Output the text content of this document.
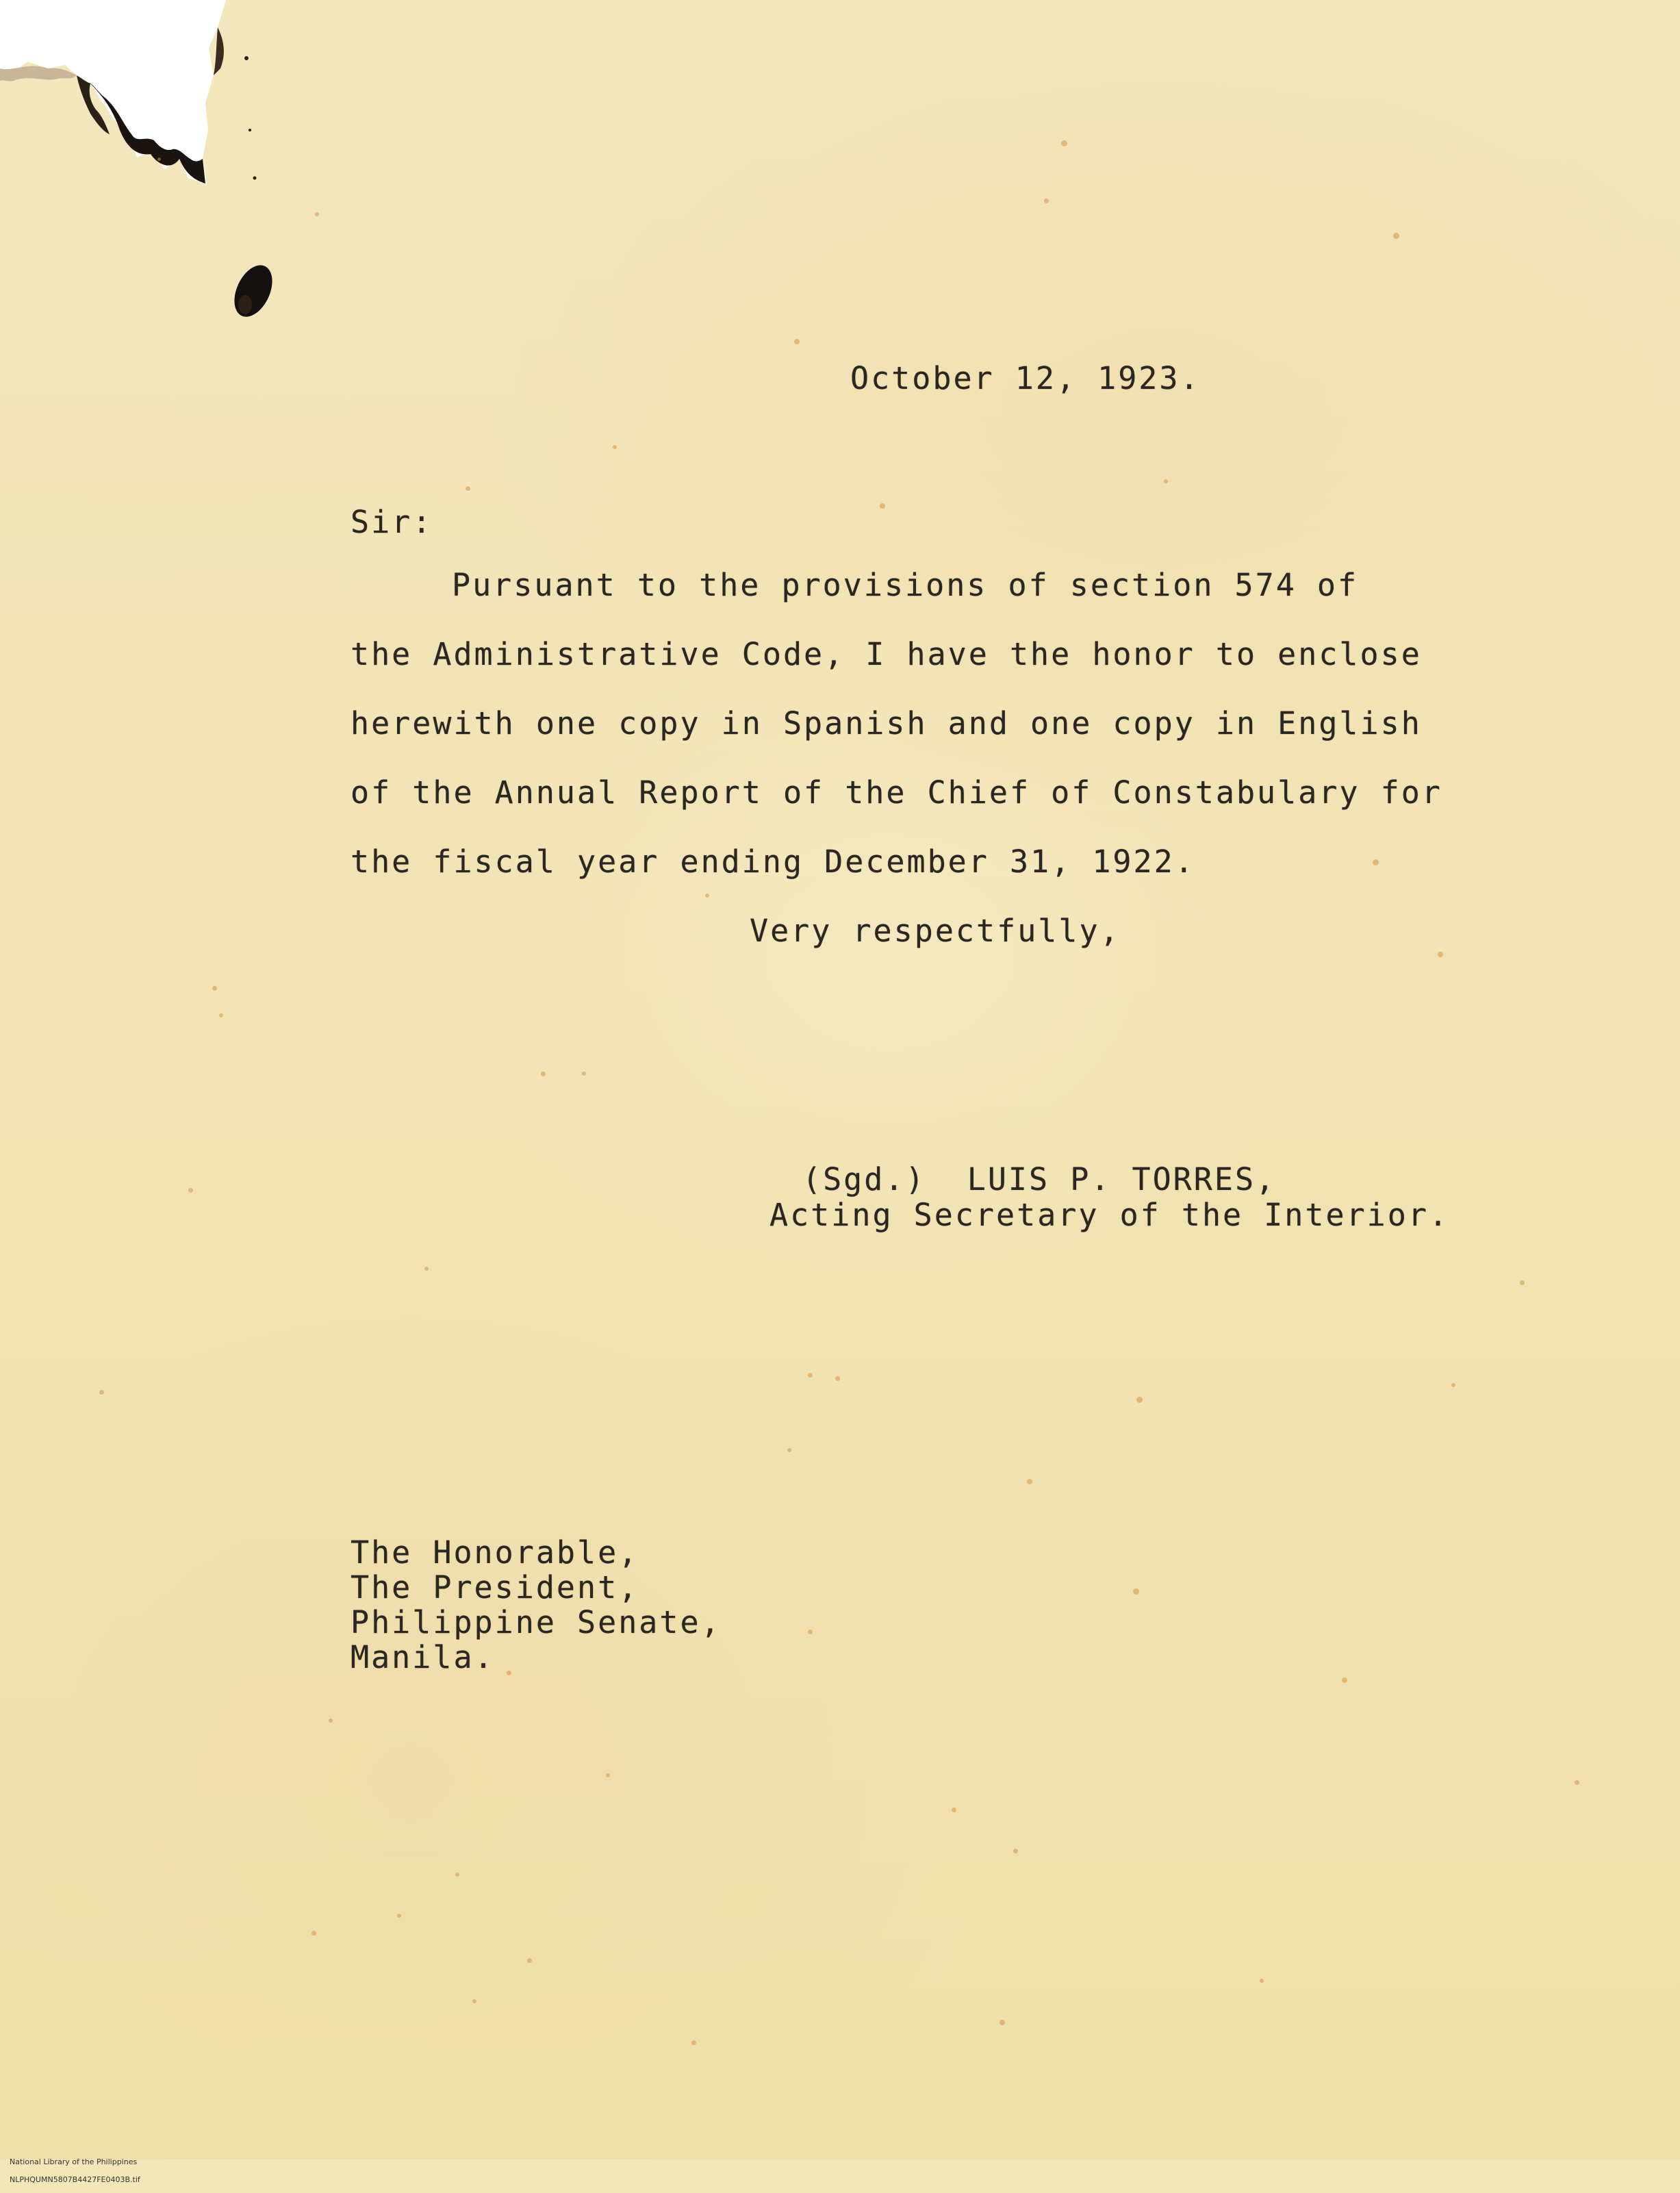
October 12, 1923.
Sir:
Pursuant to the provisions of section 574 of
the Administrative Code, I have the honor to enclose
herewith one copy in Spanish and one copy in English
of the Annual Report of the Chief of Constabulary for
the fiscal year ending December 31, 1922.
Very respectfully,
(Sgd.)  LUIS P. TORRES,
Acting Secretary of the Interior.
The Honorable,
The President,
Philippine Senate,
Manila.

National Library of the Philippines

NLPHQUMN5807B4427FE0403B.tif
